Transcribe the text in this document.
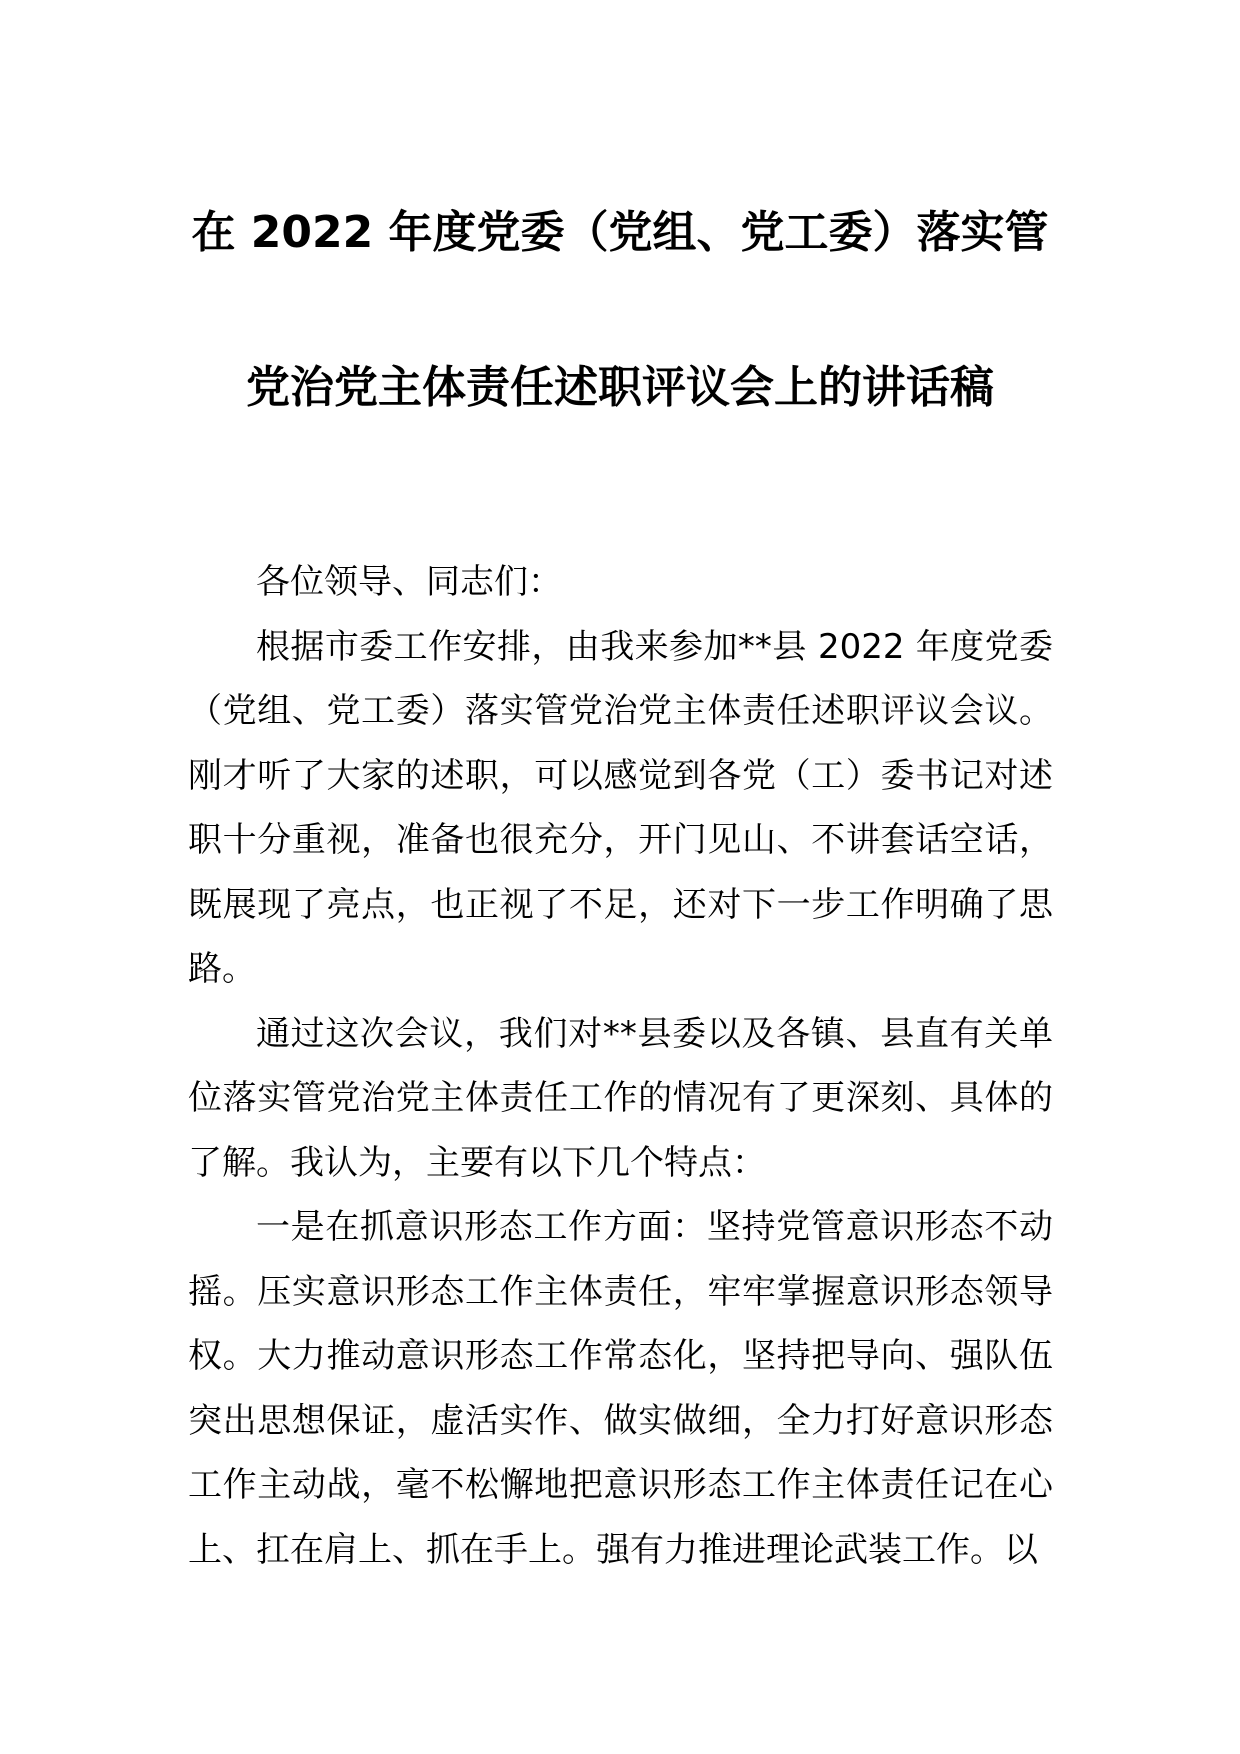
在 2022 年度党委（党组、党工委）落实管
党治党主体责任述职评议会上的讲话稿

各位领导、同志们：

根据市委工作安排，由我来参加**县 2022 年度党委（党组、党工委）落实管党治党主体责任述职评议会议。刚才听了大家的述职，可以感觉到各党（工）委书记对述职十分重视，准备也很充分，开门见山、不讲套话空话，既展现了亮点，也正视了不足，还对下一步工作明确了思路。

通过这次会议，我们对**县委以及各镇、县直有关单位落实管党治党主体责任工作的情况有了更深刻、具体的了解。我认为，主要有以下几个特点：

一是在抓意识形态工作方面：坚持党管意识形态不动摇。压实意识形态工作主体责任，牢牢掌握意识形态领导权。大力推动意识形态工作常态化，坚持把导向、强队伍突出思想保证，虚活实作、做实做细，全力打好意识形态工作主动战，毫不松懈地把意识形态工作主体责任记在心上、扛在肩上、抓在手上。强有力推进理论武装工作。以
